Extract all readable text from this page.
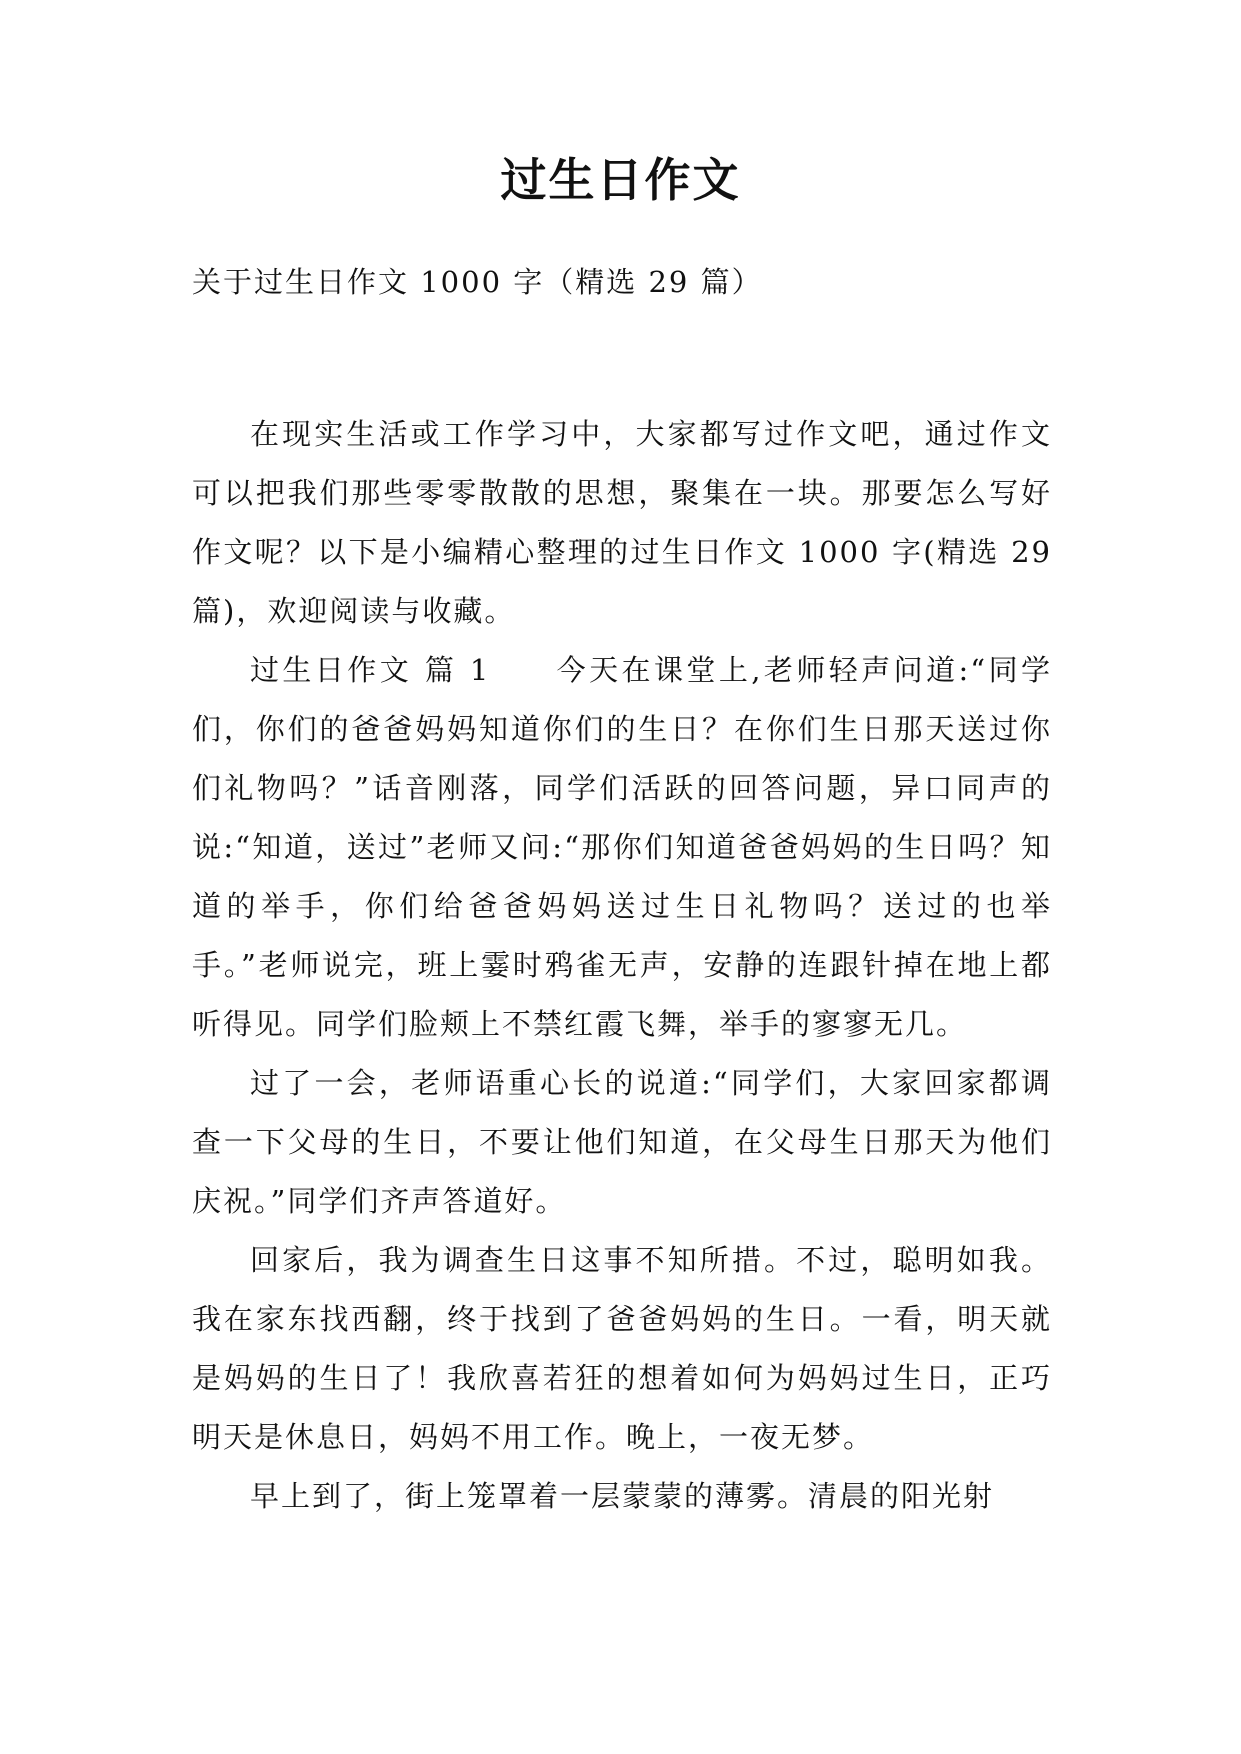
过生日作文
关于过生日作文 1000 字（精选 29 篇）

在现实生活或工作学习中，大家都写过作文吧，通过作文可以把我们那些零零散散的思想，聚集在一块。那要怎么写好作文呢？以下是小编精心整理的过生日作文 1000 字(精选 29 篇)，欢迎阅读与收藏。

过生日作文 篇 1　　今天在课堂上,老师轻声问道:“同学们，你们的爸爸妈妈知道你们的生日？在你们生日那天送过你们礼物吗？”话音刚落，同学们活跃的回答问题，异口同声的说:“知道，送过”老师又问:“那你们知道爸爸妈妈的生日吗？知道的举手，你们给爸爸妈妈送过生日礼物吗？送过的也举手。”老师说完，班上霎时鸦雀无声，安静的连跟针掉在地上都听得见。同学们脸颊上不禁红霞飞舞，举手的寥寥无几。

过了一会，老师语重心长的说道:“同学们，大家回家都调查一下父母的生日，不要让他们知道，在父母生日那天为他们庆祝。”同学们齐声答道好。

回家后，我为调查生日这事不知所措。不过，聪明如我。我在家东找西翻，终于找到了爸爸妈妈的生日。一看，明天就是妈妈的生日了！我欣喜若狂的想着如何为妈妈过生日，正巧明天是休息日，妈妈不用工作。晚上，一夜无梦。

早上到了，街上笼罩着一层蒙蒙的薄雾。清晨的阳光射
